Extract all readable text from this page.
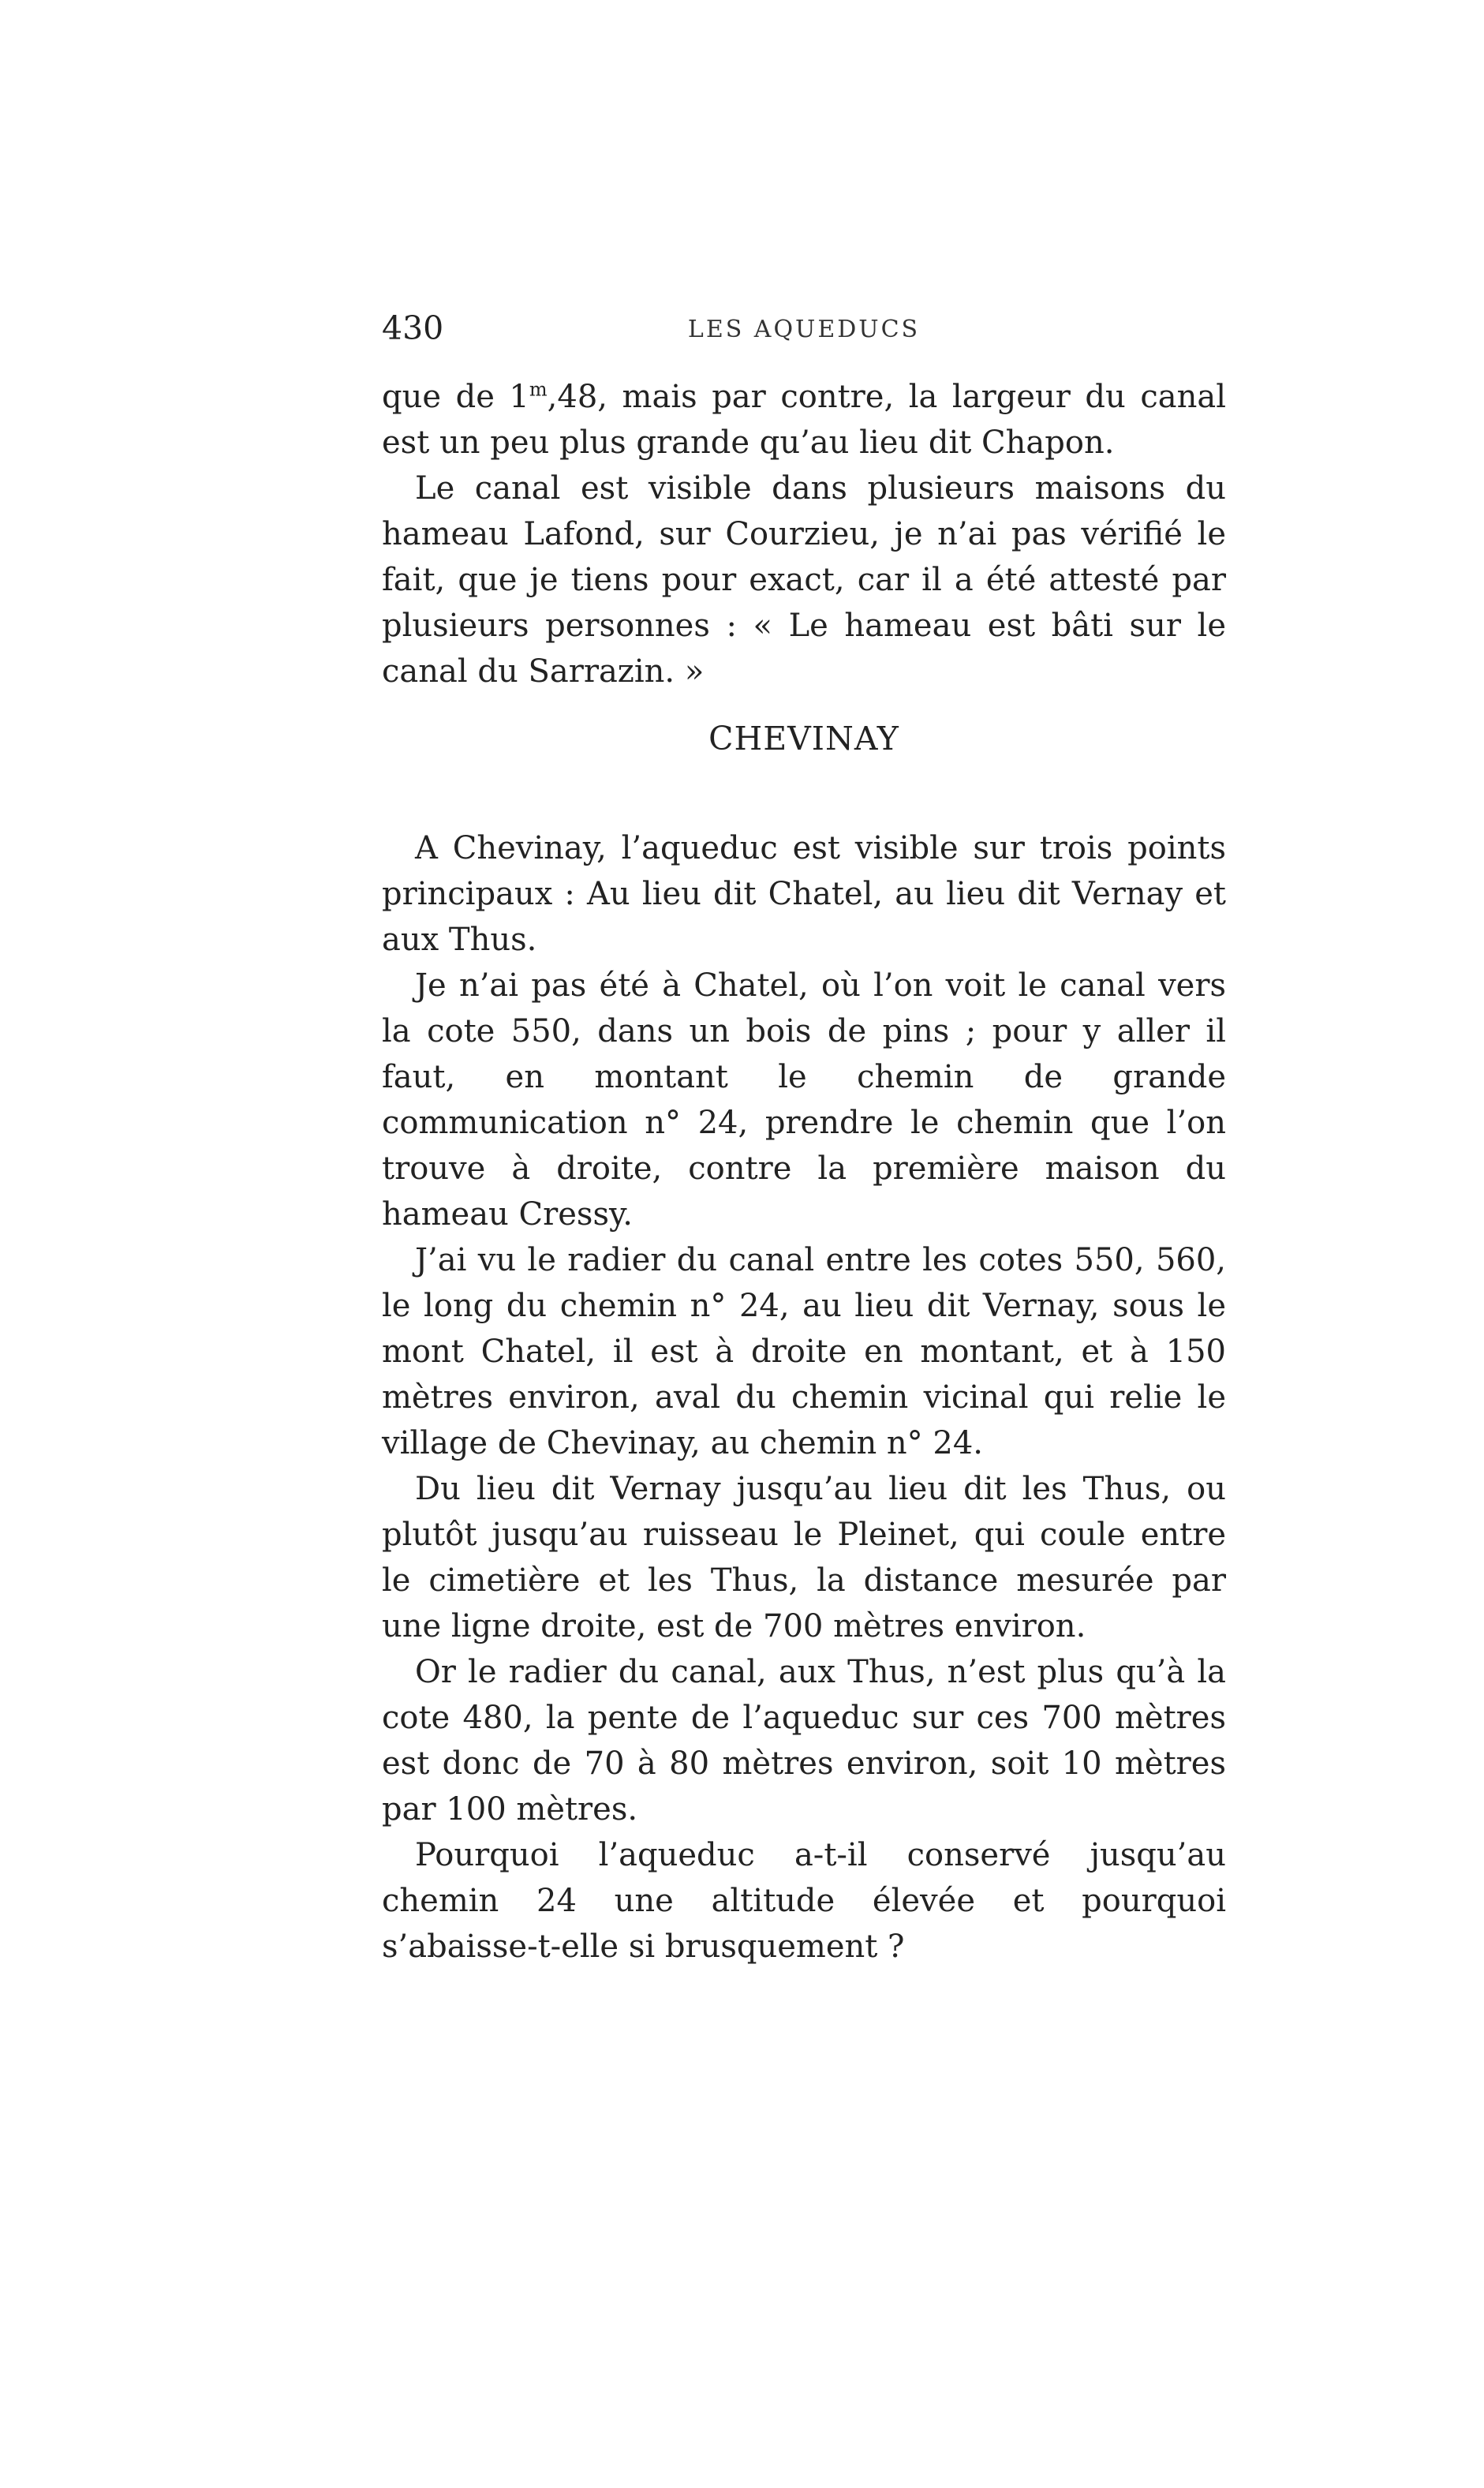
430	LES AQUEDUCS

que de 1$^m$,48, mais par contre, la largeur du canal est un peu plus grande qu’au lieu dit Chapon.

Le canal est visible dans plusieurs maisons du hameau Lafond, sur Courzieu, je n’ai pas vérifié le fait, que je tiens pour exact, car il a été attesté par plusieurs personnes : « Le hameau est bâti sur le canal du Sarrazin. »

CHEVINAY

A Chevinay, l’aqueduc est visible sur trois points principaux : Au lieu dit Chatel, au lieu dit Vernay et aux Thus.

Je n’ai pas été à Chatel, où l’on voit le canal vers la cote 550, dans un bois de pins ; pour y aller il faut, en montant le chemin de grande communication n° 24, prendre le chemin que l’on trouve à droite, contre la première maison du hameau Cressy.

J’ai vu le radier du canal entre les cotes 550, 560, le long du chemin n° 24, au lieu dit Vernay, sous le mont Chatel, il est à droite en montant, et à 150 mètres environ, aval du chemin vicinal qui relie le village de Chevinay, au chemin n° 24.

Du lieu dit Vernay jusqu’au lieu dit les Thus, ou plutôt jusqu’au ruisseau le Pleinet, qui coule entre le cimetière et les Thus, la distance mesurée par une ligne droite, est de 700 mètres environ.

Or le radier du canal, aux Thus, n’est plus qu’à la cote 480, la pente de l’aqueduc sur ces 700 mètres est donc de 70 à 80 mètres environ, soit 10 mètres par 100 mètres.

Pourquoi l’aqueduc a-t-il conservé jusqu’au chemin 24 une altitude élevée et pourquoi s’abaisse-t-elle si brusquement ?
